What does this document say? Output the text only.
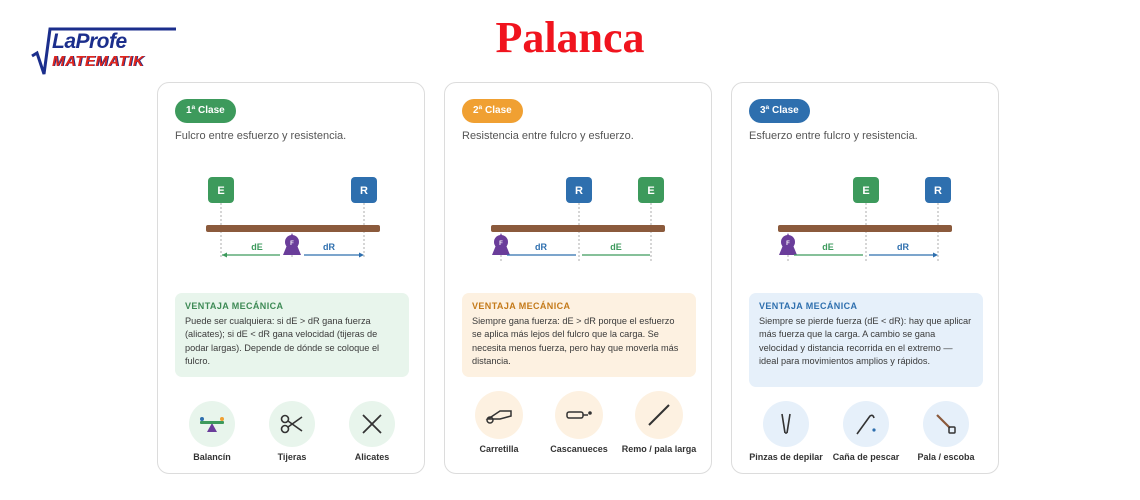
LaProfe
MATEMATIK	Palanca
1ª Clase
Fulcro entre esfuerzo y resistencia.
E	R
F
dE	dR
VENTAJA MECÁNICA
Puede ser cualquiera: si dE > dR gana fuerza (alicates); si dE < dR gana velocidad (tijeras de podar largas). Depende de dónde se coloque el fulcro.
Balancín	Tijeras	Alicates
2ª Clase
Resistencia entre fulcro y esfuerzo.
R	E
F	dR	dE
VENTAJA MECÁNICA
Siempre gana fuerza: dE > dR porque el esfuerzo se aplica más lejos del fulcro que la carga. Se necesita menos fuerza, pero hay que moverla más distancia.
Carretilla	Cascanueces	Remo / pala larga
3ª Clase
Esfuerzo entre fulcro y resistencia.
E	R
F	dE	dR
VENTAJA MECÁNICA
Siempre se pierde fuerza (dE < dR): hay que aplicar más fuerza que la carga. A cambio se gana velocidad y distancia recorrida en el extremo — ideal para movimientos amplios y rápidos.
Pinzas de depilar	Caña de pescar	Pala / escoba
